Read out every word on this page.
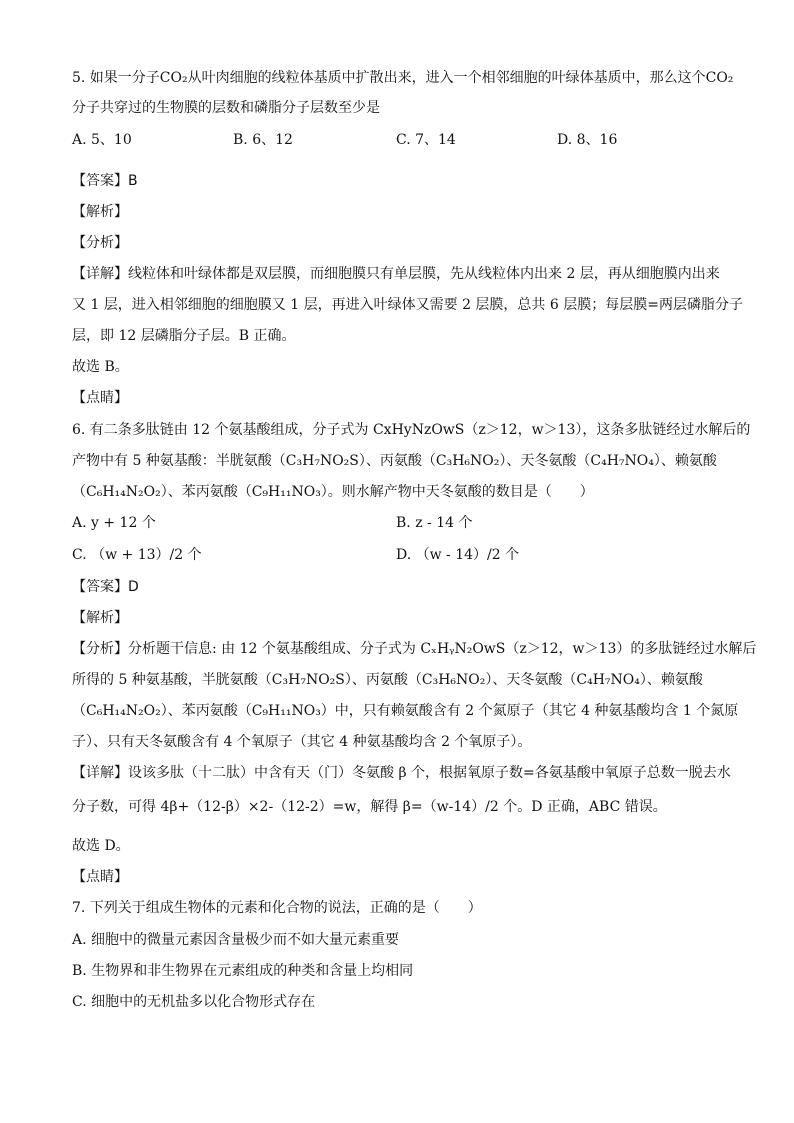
5. 如果一分子CO₂从叶肉细胞的线粒体基质中扩散出来，进入一个相邻细胞的叶绿体基质中，那么这个CO₂
分子共穿过的生物膜的层数和磷脂分子层数至少是
A. 5、10	B. 6、12	C. 7、14	D. 8、16
【答案】B
【解析】
【分析】
【详解】线粒体和叶绿体都是双层膜，而细胞膜只有单层膜，先从线粒体内出来 2 层，再从细胞膜内出来
又 1 层，进入相邻细胞的细胞膜又 1 层，再进入叶绿体又需要 2 层膜，总共 6 层膜；每层膜=两层磷脂分子
层，即 12 层磷脂分子层。B 正确。
故选 B。
【点睛】
6. 有二条多肽链由 12 个氨基酸组成，分子式为 CxHyNzOwS（z＞12，w＞13），这条多肽链经过水解后的
产物中有 5 种氨基酸：半胱氨酸（C₃H₇NO₂S）、丙氨酸（C₃H₆NO₂）、天冬氨酸（C₄H₇NO₄）、赖氨酸
（C₆H₁₄N₂O₂）、苯丙氨酸（C₉H₁₁NO₃）。则水解产物中天冬氨酸的数目是（　　）
A. y + 12 个	B. z - 14 个
C. （w + 13）/2 个	D. （w - 14）/2 个
【答案】D
【解析】
【分析】分析题干信息: 由 12 个氨基酸组成、分子式为 CₓHᵧN₂OwS（z＞12，w＞13）的多肽链经过水解后
所得的 5 种氨基酸，半胱氨酸（C₃H₇NO₂S）、丙氨酸（C₃H₆NO₂）、天冬氨酸（C₄H₇NO₄）、赖氨酸
（C₆H₁₄N₂O₂）、苯丙氨酸（C₉H₁₁NO₃）中，只有赖氨酸含有 2 个氮原子（其它 4 种氨基酸均含 1 个氮原
子）、只有天冬氨酸含有 4 个氧原子（其它 4 种氨基酸均含 2 个氧原子）。
【详解】设该多肽（十二肽）中含有天（门）冬氨酸 β 个，根据氧原子数=各氨基酸中氧原子总数一脱去水
分子数，可得 4β+（12-β）×2-（12-2）=w，解得 β=（w-14）/2 个。D 正确，ABC 错误。
故选 D。
【点睛】
7. 下列关于组成生物体的元素和化合物的说法，正确的是（　　）
A. 细胞中的微量元素因含量极少而不如大量元素重要
B. 生物界和非生物界在元素组成的种类和含量上均相同
C. 细胞中的无机盐多以化合物形式存在
